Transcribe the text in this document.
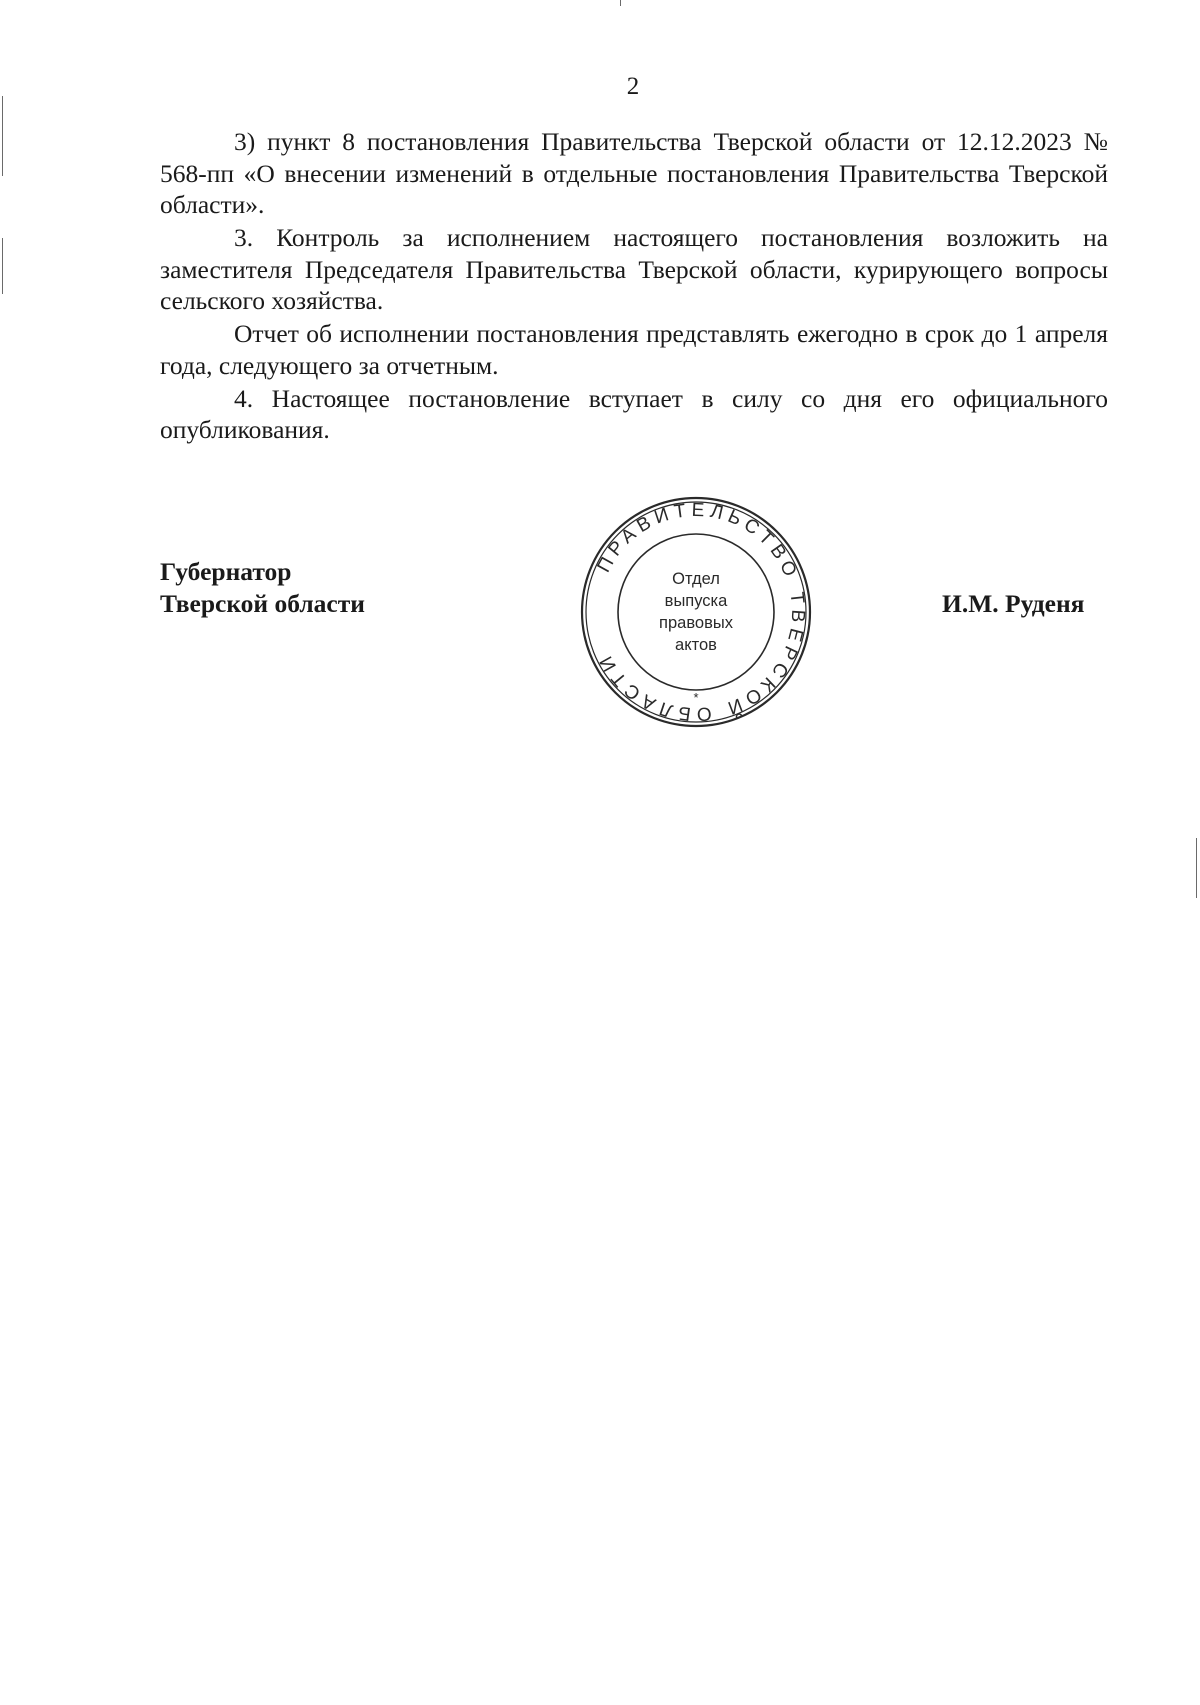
2

3) пункт 8 постановления Правительства Тверской области от 12.12.2023 № 568-пп «О внесении изменений в отдельные постановления Правительства Тверской области».

3. Контроль за исполнением настоящего постановления возложить на заместителя Председателя Правительства Тверской области, курирующего вопросы сельского хозяйства.

Отчет об исполнении постановления представлять ежегодно в срок до 1 апреля года, следующего за отчетным.

4. Настоящее постановление вступает в силу со дня его официального опубликования.

Губернатор
Тверской области	И.М. Руденя
ПРАВИТЕЛЬСТВО ТВЕРСКОЙ ОБЛАСТИ
Отдел
выпуска
правовых
актов
*
